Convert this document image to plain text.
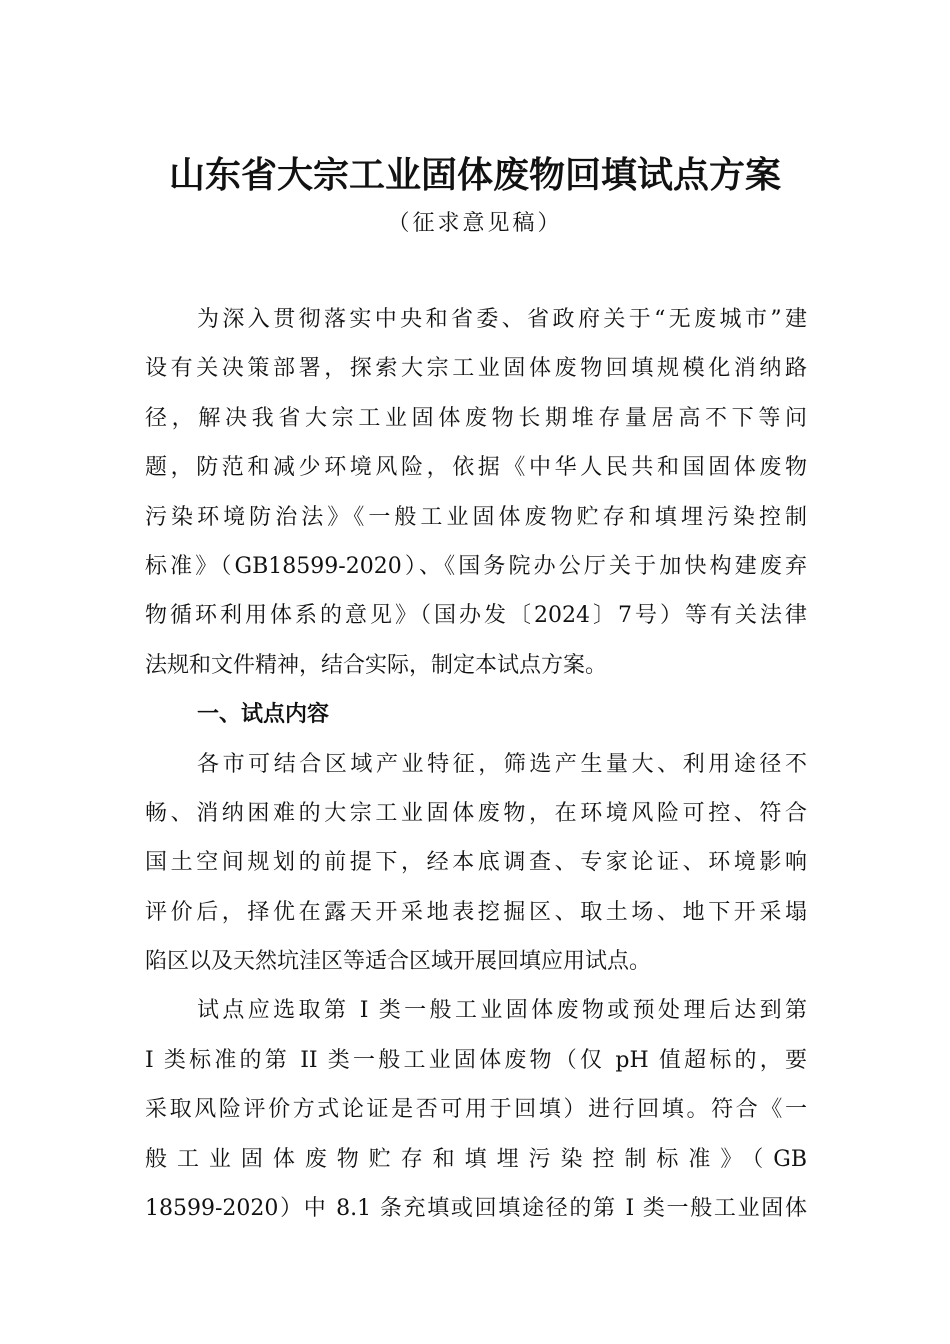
山东省大宗工业固体废物回填试点方案
（征求意见稿）
为深入贯彻落实中央和省委、省政府关于“无废城市”建
设有关决策部署，探索大宗工业固体废物回填规模化消纳路
径，解决我省大宗工业固体废物长期堆存量居高不下等问
题，防范和减少环境风险，依据《中华人民共和国固体废物
污染环境防治法》《一般工业固体废物贮存和填埋污染控制
标准》（GB18599-2020）、《国务院办公厅关于加快构建废弃
物循环利用体系的意见》（国办发〔2024〕7号）等有关法律
法规和文件精神，结合实际，制定本试点方案。
一、试点内容
各市可结合区域产业特征，筛选产生量大、利用途径不
畅、消纳困难的大宗工业固体废物，在环境风险可控、符合
国土空间规划的前提下，经本底调查、专家论证、环境影响
评价后，择优在露天开采地表挖掘区、取土场、地下开采塌
陷区以及天然坑洼区等适合区域开展回填应用试点。
试点应选取第 I 类一般工业固体废物或预处理后达到第
I 类标准的第 II 类一般工业固体废物（仅 pH 值超标的，要
采取风险评价方式论证是否可用于回填）进行回填。符合《一
般工业固体废物贮存和填埋污染控制标准》（GB
18599-2020）中 8.1 条充填或回填途径的第 I 类一般工业固体
